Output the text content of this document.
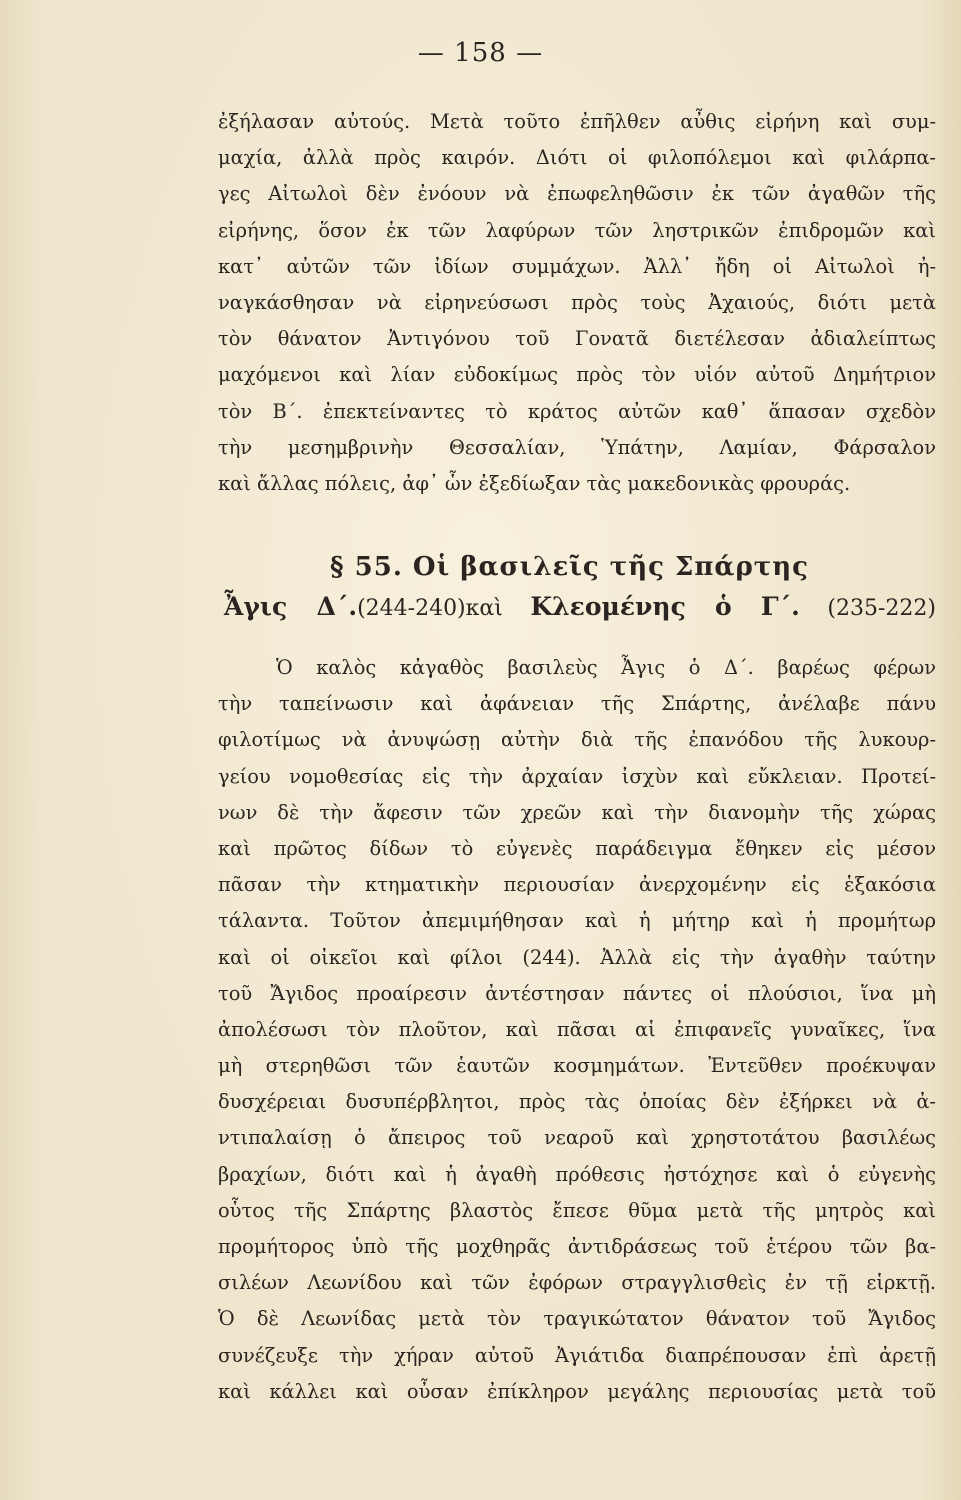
— 158 —
ἐξήλασαν αὐτούς. Μετὰ τοῦτο ἐπῆλθεν αὖθις εἰρήνη καὶ συμ-
μαχία, ἀλλὰ πρὸς καιρόν. Διότι οἱ φιλοπόλεμοι καὶ φιλάρπα-
γες Αἰτωλοὶ δὲν ἐνόουν νὰ ἐπωφεληθῶσιν ἐκ τῶν ἀγαθῶν τῆς
εἰρήνης, ὅσον ἐκ τῶν λαφύρων τῶν ληστρικῶν ἐπιδρομῶν καὶ
κατ᾿ αὐτῶν τῶν ἰδίων συμμάχων. Ἀλλ᾿ ἤδη οἱ Αἰτωλοὶ ἠ-
ναγκάσθησαν νὰ εἰρηνεύσωσι πρὸς τοὺς Ἀχαιούς, διότι μετὰ
τὸν θάνατον Ἀντιγόνου τοῦ Γονατᾶ διετέλεσαν ἀδιαλείπτως
μαχόμενοι καὶ λίαν εὐδοκίμως πρὸς τὸν υἱόν αὐτοῦ Δημήτριον
τὸν Β΄. ἐπεκτείναντες τὸ κράτος αὐτῶν καθ᾿ ἅπασαν σχεδὸν
τὴν μεσημβρινὴν Θεσσαλίαν, Ὑπάτην, Λαμίαν, Φάρσαλον
καὶ ἄλλας πόλεις, ἀφ᾿ ὧν ἐξεδίωξαν τὰς μακεδονικὰς φρουράς.
§ 55. Οἱ βασιλεῖς τῆς Σπάρτης
Ἆγις Δ΄.(244-240)καὶ Κλεομένης ὁ Γ΄. (235-222)
Ὁ καλὸς κἀγαθὸς βασιλεὺς Ἆγις ὁ Δ΄. βαρέως φέρων
τὴν ταπείνωσιν καὶ ἀφάνειαν τῆς Σπάρτης, ἀνέλαβε πάνυ
φιλοτίμως νὰ ἀνυψώσῃ αὐτὴν διὰ τῆς ἐπανόδου τῆς λυκουρ-
γείου νομοθεσίας εἰς τὴν ἀρχαίαν ἰσχὺν καὶ εὔκλειαν. Προτεί-
νων δὲ τὴν ἄφεσιν τῶν χρεῶν καὶ τὴν διανομὴν τῆς χώρας
καὶ πρῶτος δίδων τὸ εὐγενὲς παράδειγμα ἔθηκεν εἰς μέσον
πᾶσαν τὴν κτηματικὴν περιουσίαν ἀνερχομένην εἰς ἑξακόσια
τάλαντα. Τοῦτον ἀπεμιμήθησαν καὶ ἡ μήτηρ καὶ ἡ προμήτωρ
καὶ οἱ οἰκεῖοι καὶ φίλοι (244). Ἀλλὰ εἰς τὴν ἀγαθὴν ταύτην
τοῦ Ἄγιδος προαίρεσιν ἀντέστησαν πάντες οἱ πλούσιοι, ἵνα μὴ
ἀπολέσωσι τὸν πλοῦτον, καὶ πᾶσαι αἱ ἐπιφανεῖς γυναῖκες, ἵνα
μὴ στερηθῶσι τῶν ἑαυτῶν κοσμημάτων. Ἐντεῦθεν προέκυψαν
δυσχέρειαι δυσυπέρβλητοι, πρὸς τὰς ὁποίας δὲν ἐξήρκει νὰ ἀ-
ντιπαλαίσῃ ὁ ἄπειρος τοῦ νεαροῦ καὶ χρηστοτάτου βασιλέως
βραχίων, διότι καὶ ἡ ἀγαθὴ πρόθεσις ἠστόχησε καὶ ὁ εὐγενὴς
οὗτος τῆς Σπάρτης βλαστὸς ἔπεσε θῦμα μετὰ τῆς μητρὸς καὶ
προμήτορος ὑπὸ τῆς μοχθηρᾶς ἀντιδράσεως τοῦ ἑτέρου τῶν βα-
σιλέων Λεωνίδου καὶ τῶν ἐφόρων στραγγλισθεὶς ἐν τῇ εἱρκτῇ.
Ὁ δὲ Λεωνίδας μετὰ τὸν τραγικώτατον θάνατον τοῦ Ἄγιδος
συνέζευξε τὴν χήραν αὐτοῦ Ἀγιάτιδα διαπρέπουσαν ἐπὶ ἀρετῇ
καὶ κάλλει καὶ οὖσαν ἐπίκληρον μεγάλης περιουσίας μετὰ τοῦ
